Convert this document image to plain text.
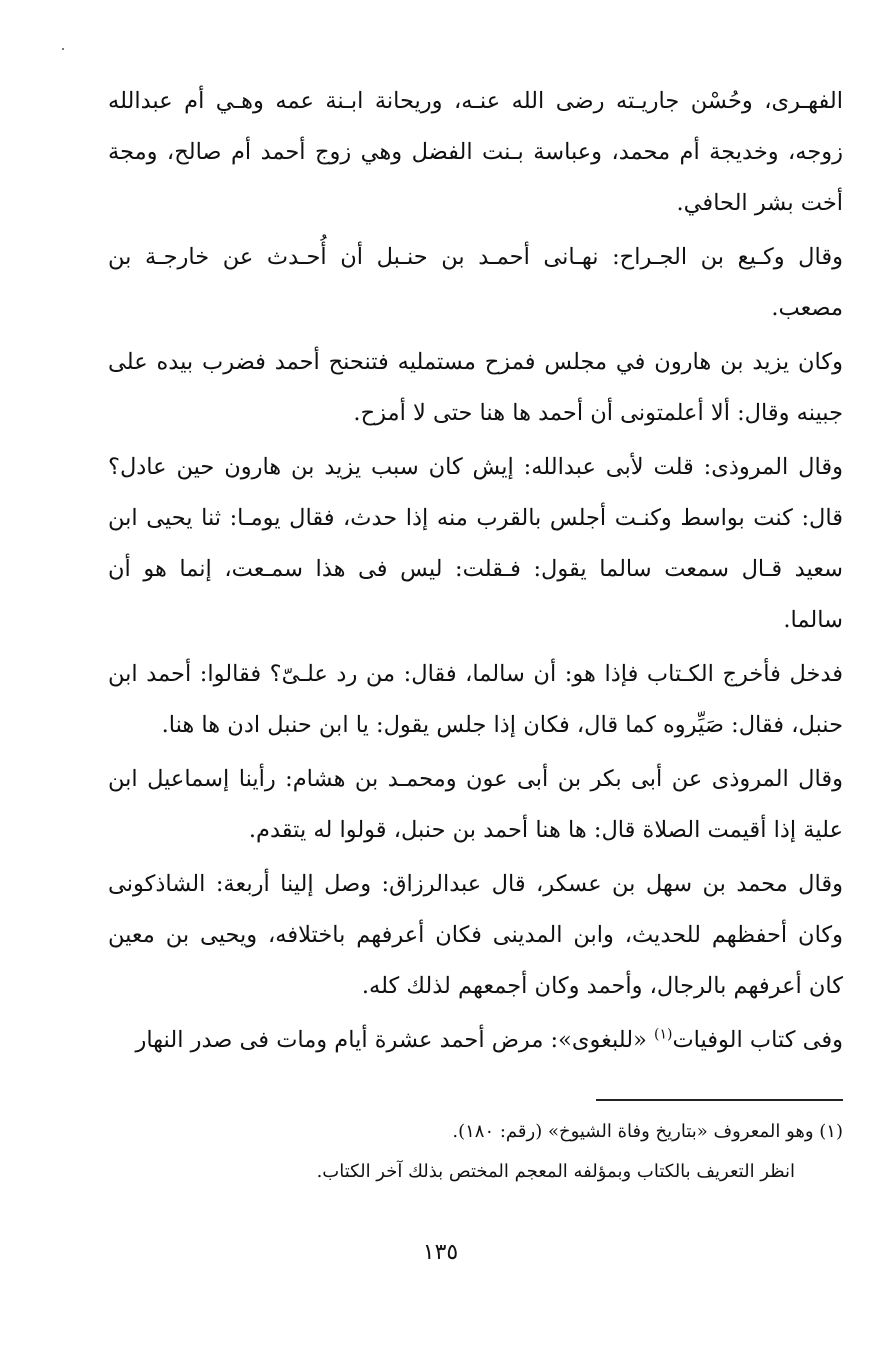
الفهـرى، وحُسْن جاريـته رضى الله عنـه، وريحانة ابـنة عمه وهـي أم عبدالله زوجه، وخديجة أم محمد، وعباسة بـنت الفضل وهي زوج أحمد أم صالح، ومجة أخت بشر الحافي.

وقال وكـيع بن الجـراح: نهـانى أحمـد بن حنـبل أن أُحـدث عن خارجـة بن مصعب.

وكان يزيد بن هارون في مجلس فمزح مستمليه فتنحنح أحمد فضرب بيده على جبينه وقال: ألا أعلمتونى أن أحمد ها هنا حتى لا أمزح.

وقال المروذى: قلت لأبى عبدالله: إيش كان سبب يزيد بن هارون حين عادل؟ قال: كنت بواسط وكنـت أجلس بالقرب منه إذا حدث، فقال يومـا: ثنا يحيى ابن سعيد قـال سمعت سالما يقول: فـقلت: ليس فى هذا سمـعت، إنما هو أن سالما.

فدخل فأخرج الكـتاب فإذا هو: أن سالما، فقال: من رد علـىّ؟ فقالوا: أحمد ابن حنبل، فقال: صَيِّروه كما قال، فكان إذا جلس يقول: يا ابن حنبل ادن ها هنا.

وقال المروذى عن أبى بكر بن أبى عون ومحمـد بن هشام: رأينا إسماعيل ابن علية إذا أقيمت الصلاة قال: ها هنا أحمد بن حنبل، قولوا له يتقدم.

وقال محمد بن سهل بن عسكر، قال عبدالرزاق: وصل إلينا أربعة: الشاذكونى وكان أحفظهم للحديث، وابن المدينى فكان أعرفهم باختلافه، ويحيى بن معين كان أعرفهم بالرجال، وأحمد وكان أجمعهم لذلك كله.

وفى كتاب الوفيات$^{(١)}$ «للبغوى»: مرض أحمد عشرة أيام ومات فى صدر النهار

(١) وهو المعروف «بتاريخ وفاة الشيوخ» (رقم: ١٨٠).

انظر التعريف بالكتاب وبمؤلفه المعجم المختص بذلك آخر الكتاب.

١٣٥
